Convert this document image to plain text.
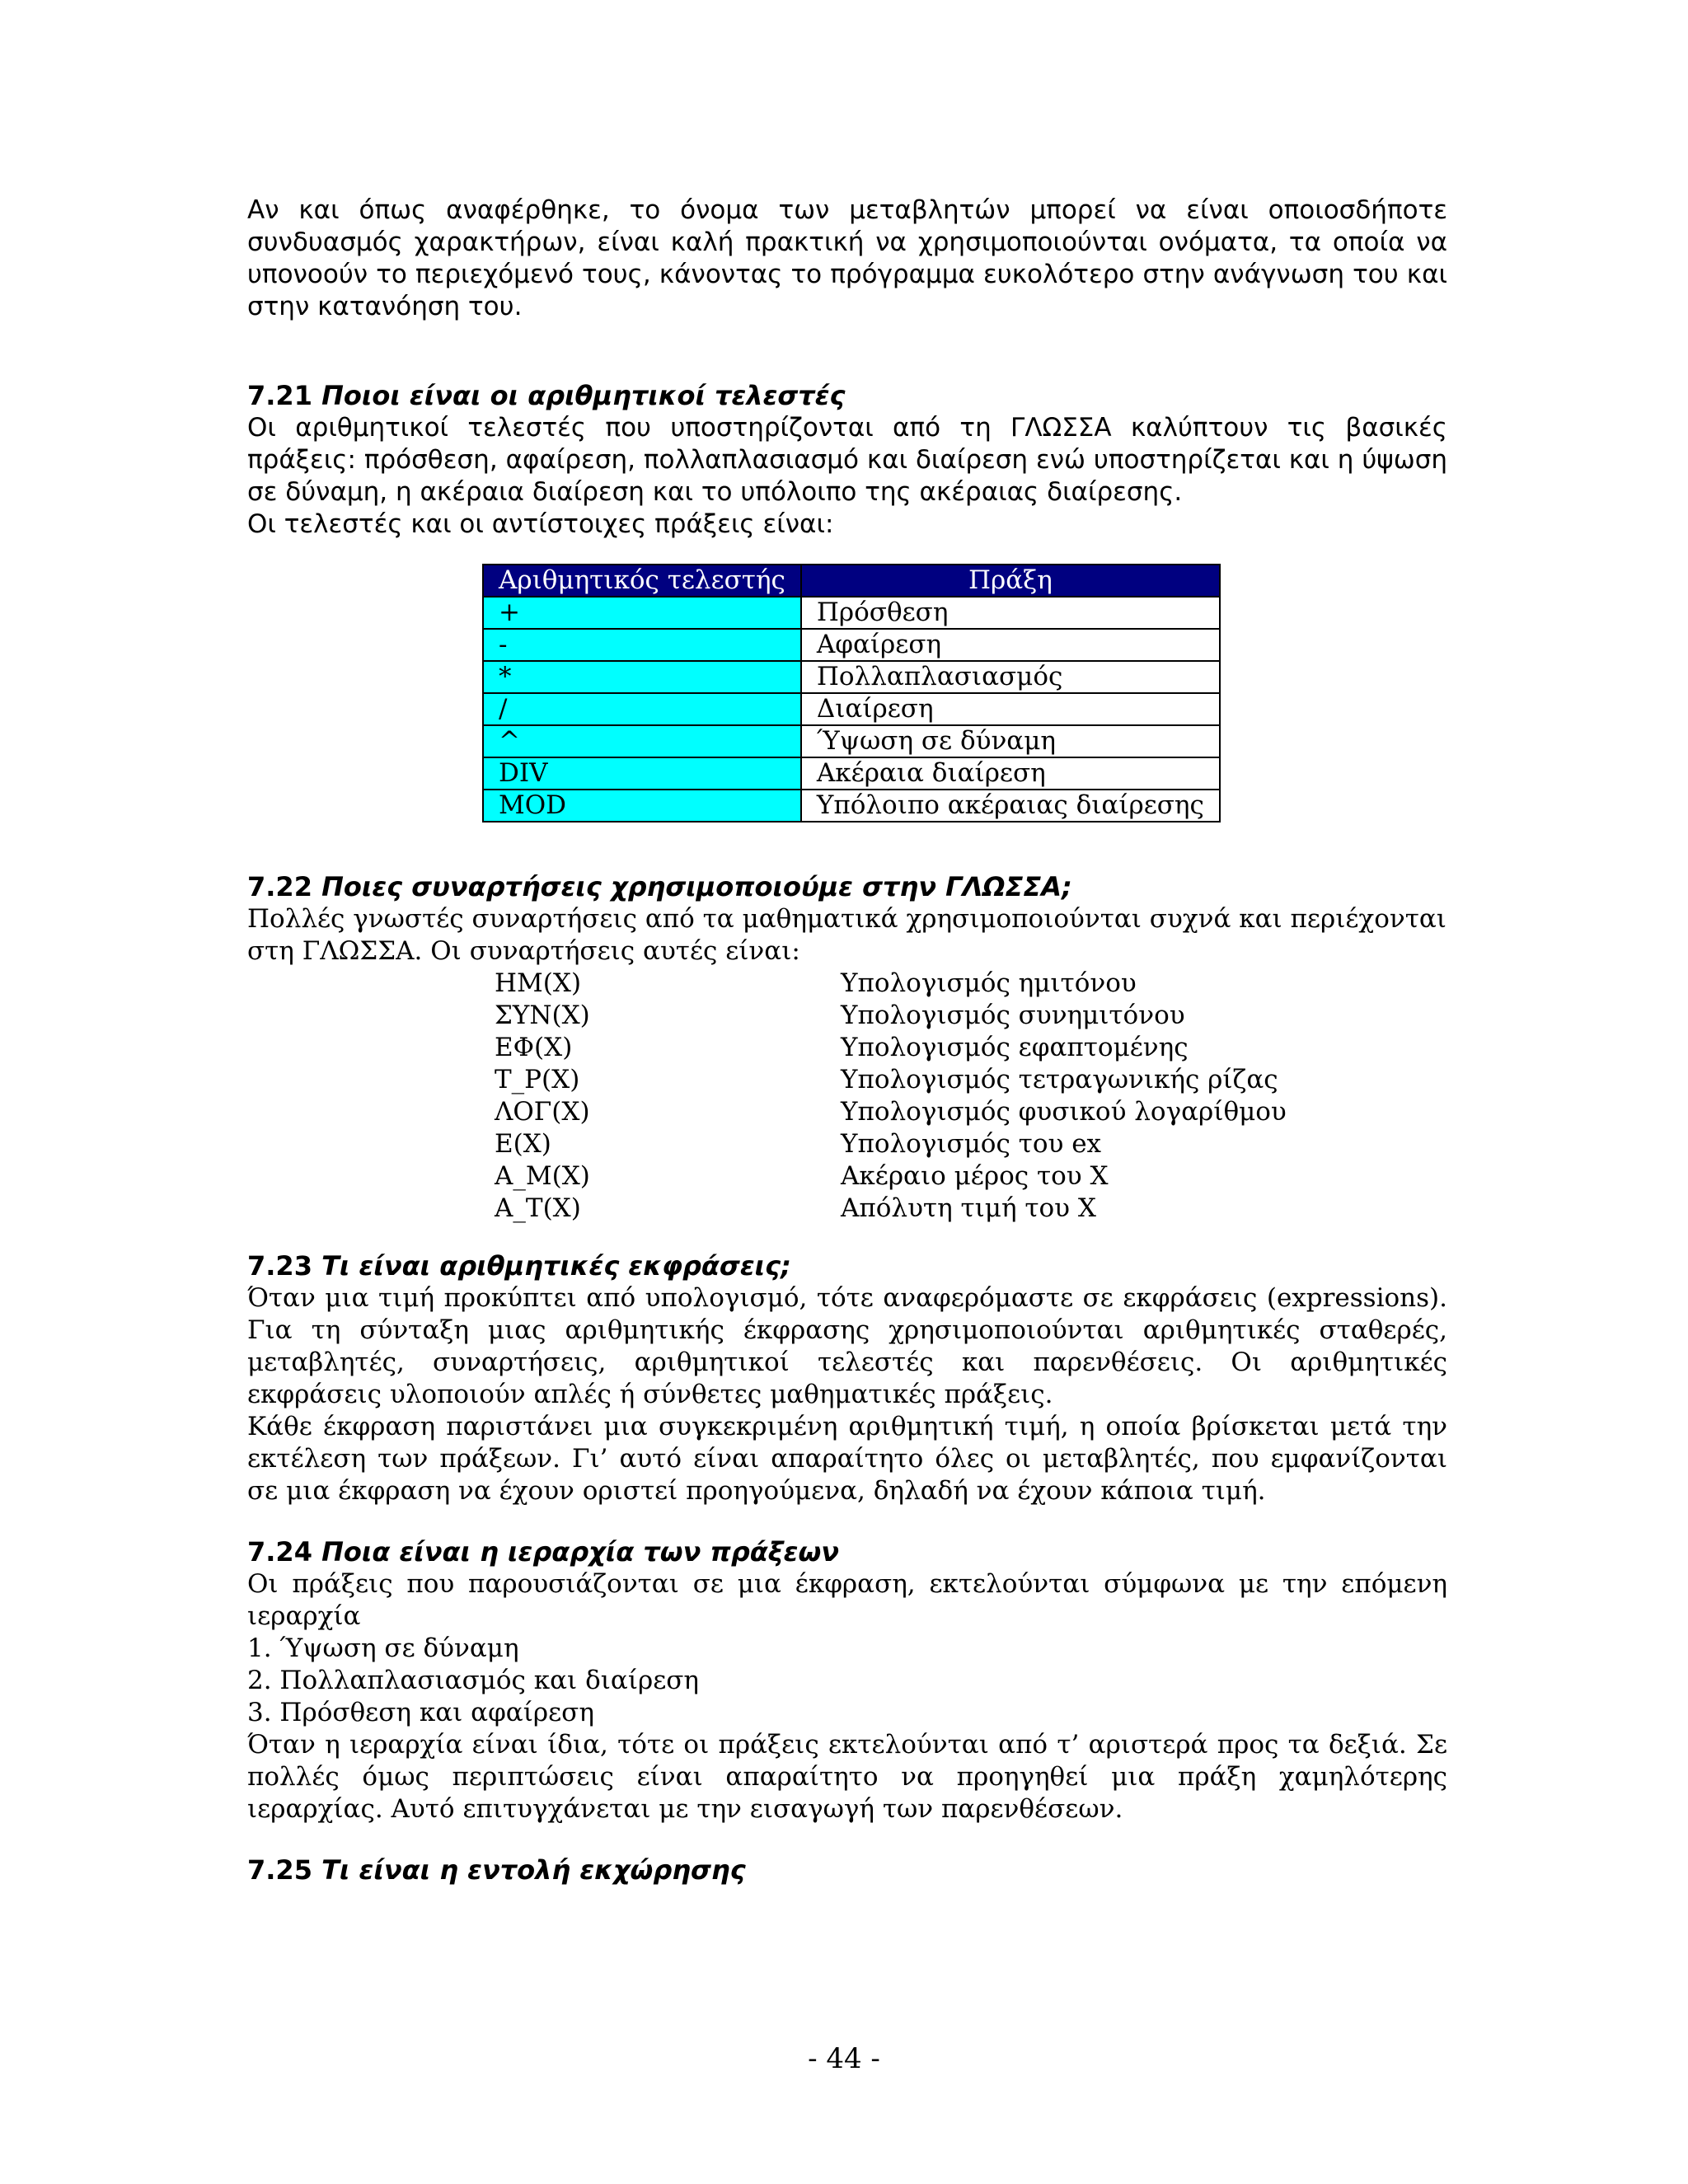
Αν και όπως αναφέρθηκε, το όνομα των μεταβλητών μπορεί να είναι οποιοσδήποτε συνδυασμός χαρακτήρων, είναι καλή πρακτική να χρησιμοποιούνται ονόματα, τα οποία να υπονοούν το περιεχόμενό τους, κάνοντας το πρόγραμμα ευκολότερο στην ανάγνωση του και στην κατανόηση του.

7.21 Ποιοι είναι οι αριθμητικοί τελεστές

Οι αριθμητικοί τελεστές που υποστηρίζονται από τη ΓΛΩΣΣΑ καλύπτουν τις βασικές πράξεις: πρόσθεση, αφαίρεση, πολλαπλασιασμό και διαίρεση ενώ υποστηρίζεται και η ύψωση σε δύναμη, η ακέραια διαίρεση και το υπόλοιπο της ακέραιας διαίρεσης.

Οι τελεστές και οι αντίστοιχες πράξεις είναι:

Αριθμητικός τελεστής	Πράξη
+	Πρόσθεση
-	Αφαίρεση
*	Πολλαπλασιασμός
/	Διαίρεση
^	Ύψωση σε δύναμη
DIV	Ακέραια διαίρεση
MOD	Υπόλοιπο ακέραιας διαίρεσης
7.22 Ποιες συναρτήσεις χρησιμοποιούμε στην ΓΛΩΣΣΑ;

Πολλές γνωστές συναρτήσεις από τα μαθηματικά χρησιμοποιούνται συχνά και περιέχονται στη ΓΛΩΣΣΑ. Οι συναρτήσεις αυτές είναι:

ΗΜ(Χ)	Υπολογισμός ημιτόνου
ΣΥΝ(Χ)	Υπολογισμός συνημιτόνου
ΕΦ(Χ)	Υπολογισμός εφαπτομένης
Τ_Ρ(Χ)	Υπολογισμός τετραγωνικής ρίζας
ΛΟΓ(Χ)	Υπολογισμός φυσικού λογαρίθμου
Ε(Χ)	Υπολογισμός του ex
Α_Μ(Χ)	Ακέραιο μέρος του Χ
Α_Τ(Χ)	Απόλυτη τιμή του Χ
7.23 Τι είναι αριθμητικές εκφράσεις;

Όταν μια τιμή προκύπτει από υπολογισμό, τότε αναφερόμαστε σε εκφράσεις (expressions). Για τη σύνταξη μιας αριθμητικής έκφρασης χρησιμοποιούνται αριθμητικές σταθερές, μεταβλητές, συναρτήσεις, αριθμητικοί τελεστές και παρενθέσεις. Οι αριθμητικές εκφράσεις υλοποιούν απλές ή σύνθετες μαθηματικές πράξεις.

Κάθε έκφραση παριστάνει μια συγκεκριμένη αριθμητική τιμή, η οποία βρίσκεται μετά την εκτέλεση των πράξεων. Γι’ αυτό είναι απαραίτητο όλες οι μεταβλητές, που εμφανίζονται σε μια έκφραση να έχουν οριστεί προηγούμενα, δηλαδή να έχουν κάποια τιμή.

7.24 Ποια είναι η ιεραρχία των πράξεων

Οι πράξεις που παρουσιάζονται σε μια έκφραση, εκτελούνται σύμφωνα με την επόμενη ιεραρχία

1. Ύψωση σε δύναμη

2. Πολλαπλασιασμός και διαίρεση

3. Πρόσθεση και αφαίρεση

Όταν η ιεραρχία είναι ίδια, τότε οι πράξεις εκτελούνται από τ’ αριστερά προς τα δεξιά. Σε πολλές όμως περιπτώσεις είναι απαραίτητο να προηγηθεί μια πράξη χαμηλότερης ιεραρχίας. Αυτό επιτυγχάνεται με την εισαγωγή των παρενθέσεων.

7.25 Τι είναι η εντολή εκχώρησης
- 44 -
